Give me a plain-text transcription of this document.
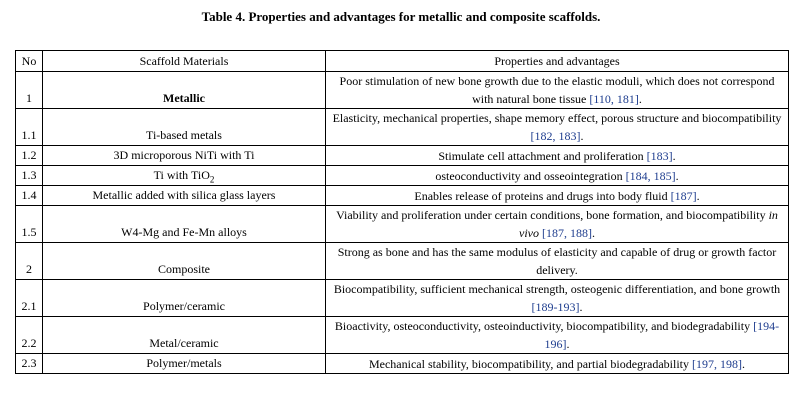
Table 4. Properties and advantages for metallic and composite scaffolds.
No	Scaffold Materials	Properties and advantages
1	Metallic	Poor stimulation of new bone growth due to the elastic moduli, which does not correspond with natural bone tissue [110, 181].
1.1	Ti-based metals	Elasticity, mechanical properties, shape memory effect, porous structure and biocompatibility [182, 183].
1.2	3D microporous NiTi with Ti	Stimulate cell attachment and proliferation [183].
1.3	Ti with TiO$_2$	osteoconductivity and osseointegration [184, 185].
1.4	Metallic added with silica glass layers	Enables release of proteins and drugs into body fluid [187].
1.5	W4-Mg and Fe-Mn alloys	Viability and proliferation under certain conditions, bone formation, and biocompatibility in vivo [187, 188].
2	Composite	Strong as bone and has the same modulus of elasticity and capable of drug or growth factor delivery.
2.1	Polymer/ceramic	Biocompatibility, sufficient mechanical strength, osteogenic differentiation, and bone growth [189-193].
2.2	Metal/ceramic	Bioactivity, osteoconductivity, osteoinductivity, biocompatibility, and biodegradability [194-196].
2.3	Polymer/metals	Mechanical stability, biocompatibility, and partial biodegradability [197, 198].
